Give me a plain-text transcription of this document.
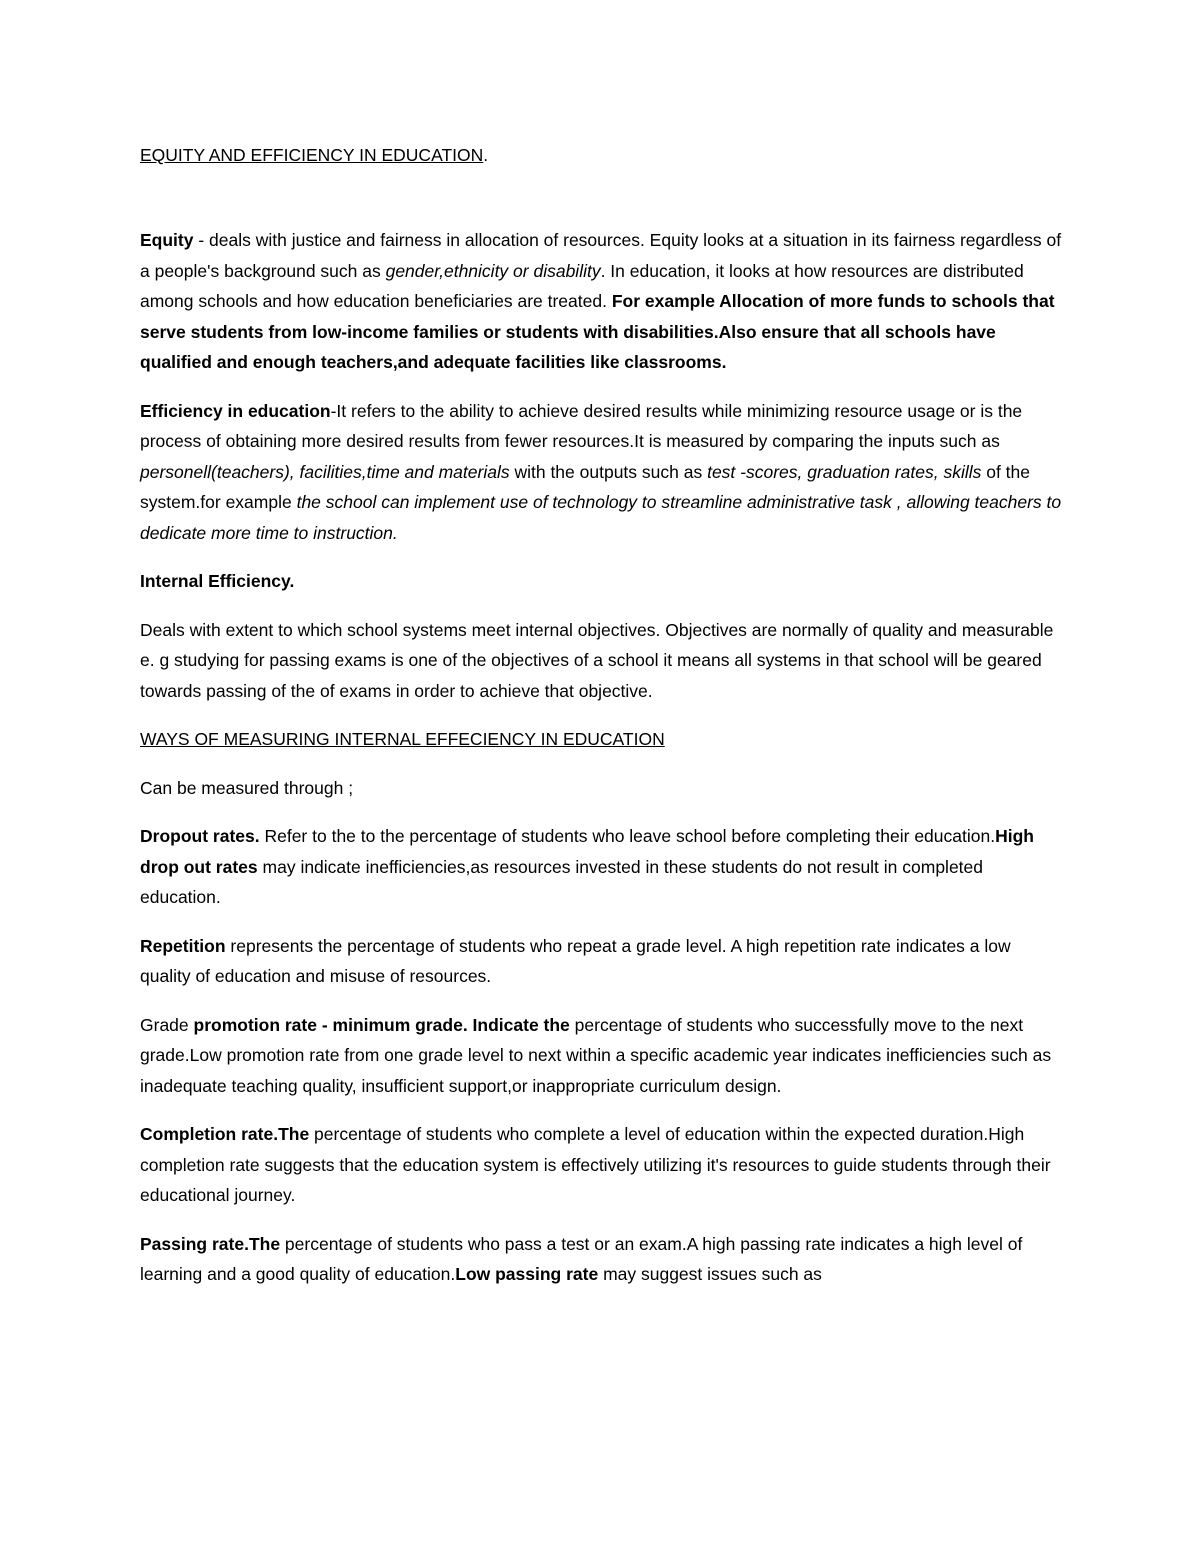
EQUITY AND EFFICIENCY IN EDUCATION.

Equity - deals with justice and fairness in allocation of resources. Equity looks at a situation in its fairness regardless of a people's background such as gender,ethnicity or disability. In education, it looks at how resources are distributed among schools and how education beneficiaries are treated. For example Allocation of more funds to schools that serve students from low-income families or students with disabilities.Also ensure that all schools have qualified and enough teachers,and adequate facilities like classrooms.

Efficiency in education-It refers to the ability to achieve desired results while minimizing resource usage or is the process of obtaining more desired results from fewer resources.It is measured by comparing the inputs such as personell(teachers), facilities,time and materials with the outputs such as test -scores, graduation rates, skills of the system.for example the school can implement use of technology to streamline administrative task , allowing teachers to dedicate more time to instruction.

Internal Efficiency.

Deals with extent to which school systems meet internal objectives. Objectives are normally of quality and measurable e. g studying for passing exams is one of the objectives of a school it means all systems in that school will be geared towards passing of the of exams in order to achieve that objective.

WAYS OF MEASURING INTERNAL EFFECIENCY IN EDUCATION

Can be measured through ;

Dropout rates. Refer to the to the percentage of students who leave school before completing their education.High drop out rates may indicate inefficiencies,as resources invested in these students do not result in completed education.

Repetition represents the percentage of students who repeat a grade level. A high repetition rate indicates a low quality of education and misuse of resources.

Grade promotion rate - minimum grade. Indicate the percentage of students who successfully move to the next grade.Low promotion rate from one grade level to next within a specific academic year indicates inefficiencies such as inadequate teaching quality, insufficient support,or inappropriate curriculum design.

Completion rate.The percentage of students who complete a level of education within the expected duration.High completion rate suggests that the education system is effectively utilizing it's resources to guide students through their educational journey.

Passing rate.The percentage of students who pass a test or an exam.A high passing rate indicates a high level of learning and a good quality of education.Low passing rate may suggest issues such as
